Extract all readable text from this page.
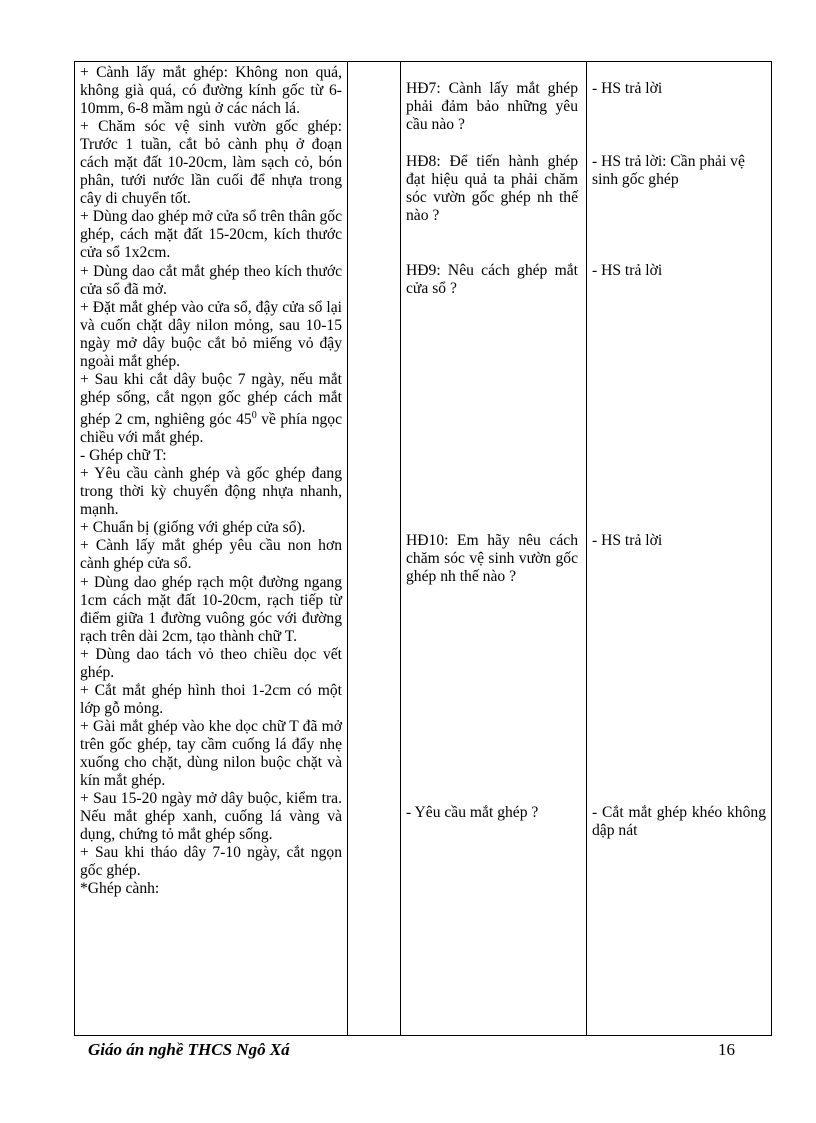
+ Cành lấy mắt ghép: Không non quá, không già quá, có đường kính gốc từ 6-10mm, 6-8 mầm ngủ ở các nách lá.

+ Chăm sóc vệ sinh vườn gốc ghép: Trước 1 tuần, cắt bỏ cành phụ ở đoạn cách mặt đất 10-20cm, làm sạch cỏ, bón phân, tưới nước lần cuối để nhựa trong cây di chuyển tốt.

+ Dùng dao ghép mở cửa sổ trên thân gốc ghép, cách mặt đất 15-20cm, kích thước cửa sổ 1x2cm.

+ Dùng dao cắt mắt ghép theo kích thước cửa sổ đã mở.

+ Đặt mắt ghép vào cửa sổ, đậy cửa sổ lại và cuốn chặt dây nilon mỏng, sau 10-15 ngày mở dây buộc cắt bỏ miếng vỏ đậy ngoài mắt ghép.

+ Sau khi cắt dây buộc 7 ngày, nếu mắt ghép sống, cắt ngọn gốc ghép cách mắt ghép 2 cm, nghiêng góc $45^0$ về phía ngọc chiều với mắt ghép.

- Ghép chữ T:

+ Yêu cầu cành ghép và gốc ghép đang trong thời kỳ chuyển động nhựa nhanh, mạnh.

+ Chuẩn bị (giống với ghép cửa sổ).

+ Cành lấy mắt ghép yêu cầu non hơn cành ghép cửa sổ.

+ Dùng dao ghép rạch một đường ngang 1cm cách mặt đất 10-20cm, rạch tiếp từ điểm giữa 1 đường vuông góc với đường rạch trên dài 2cm, tạo thành chữ T.

+ Dùng dao tách vỏ theo chiều dọc vết ghép.

+ Cắt mắt ghép hình thoi 1-2cm có một lớp gỗ mỏng.

+ Gài mắt ghép vào khe dọc chữ T đã mở trên gốc ghép, tay cầm cuống lá đẩy nhẹ xuống cho chặt, dùng nilon buộc chặt và kín mắt ghép.

+ Sau 15-20 ngày mở dây buộc, kiểm tra. Nếu mắt ghép xanh, cuống lá vàng và dụng, chứng tỏ mắt ghép sống.

+ Sau khi tháo dây 7-10 ngày, cắt ngọn gốc ghép.

*Ghép cành:

HĐ7: Cành lấy mắt ghép phải đảm bảo những yêu cầu nào ?
HĐ8: Để tiến hành ghép đạt hiệu quả ta phải chăm sóc vườn gốc ghép nh thế nào ?
HĐ9: Nêu cách ghép mắt cửa sổ ?
HĐ10: Em hãy nêu cách chăm sóc vệ sinh vườn gốc ghép nh thế nào ?
- Yêu cầu mắt ghép ?
- HS trả lời
- HS trả lời: Cần phải vệ sinh gốc ghép
- HS trả lời
- HS trả lời
- Cắt mắt ghép khéo không dập nát
Giáo án nghề THCS Ngô Xá	16
